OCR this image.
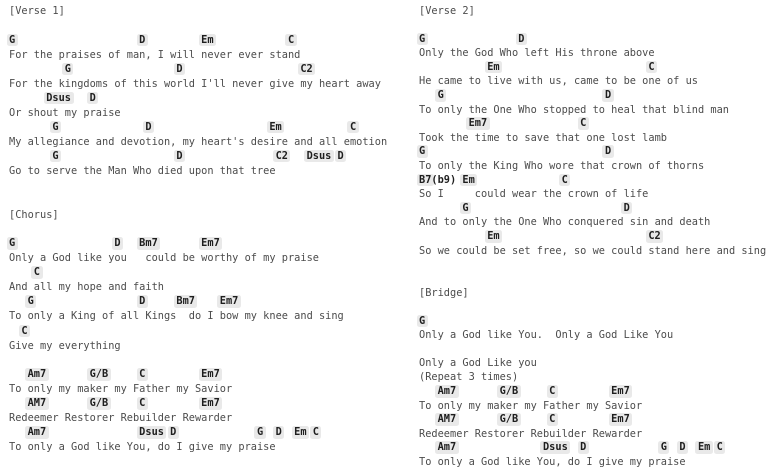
[Verse 1]
G	D	Em	C
For the praises of man, I will never ever stand
G	D	C2
For the kingdoms of this world I'll never give my heart away
Dsus D
Or shout my praise
G	D	Em	C
My allegiance and devotion, my heart's desire and all emotion
G	D	C2 Dsus D
Go to serve the Man Who died upon that tree
[Chorus]
G	D Bm7	Em7
Only a God like you   could be worthy of my praise
C
And all my hope and faith
G	D	Bm7 Em7
To only a King of all Kings  do I bow my knee and sing
C
Give my everything
Am7	G/B	C	Em7
To only my maker my Father my Savior
AM7	G/B	C	Em7
Redeemer Restorer Rebuilder Rewarder
Am7	Dsus D	G D Em C
To only a God like You, do I give my praise
[Verse 2]
G	D
Only the God Who left His throne above
Em	C
He came to live with us, came to be one of us
G	D
To only the One Who stopped to heal that blind man
Em7	C
Took the time to save that one lost lamb
G	D
To only the King Who wore that crown of thorns
B7 (b9) Em	C
So I     could wear the crown of life
G	D
And to only the One Who conquered sin and death
Em	C2
So we could be set free, so we could stand here and sing
[Bridge]
G
Only a God like You.  Only a God Like You
Only a God Like you
(Repeat 3 times)
Am7	G/B	C	Em7
To only my maker my Father my Savior
AM7	G/B	C	Em7
Redeemer Restorer Rebuilder Rewarder
Am7	Dsus D	G D Em C
To only a God like You, do I give my praise
